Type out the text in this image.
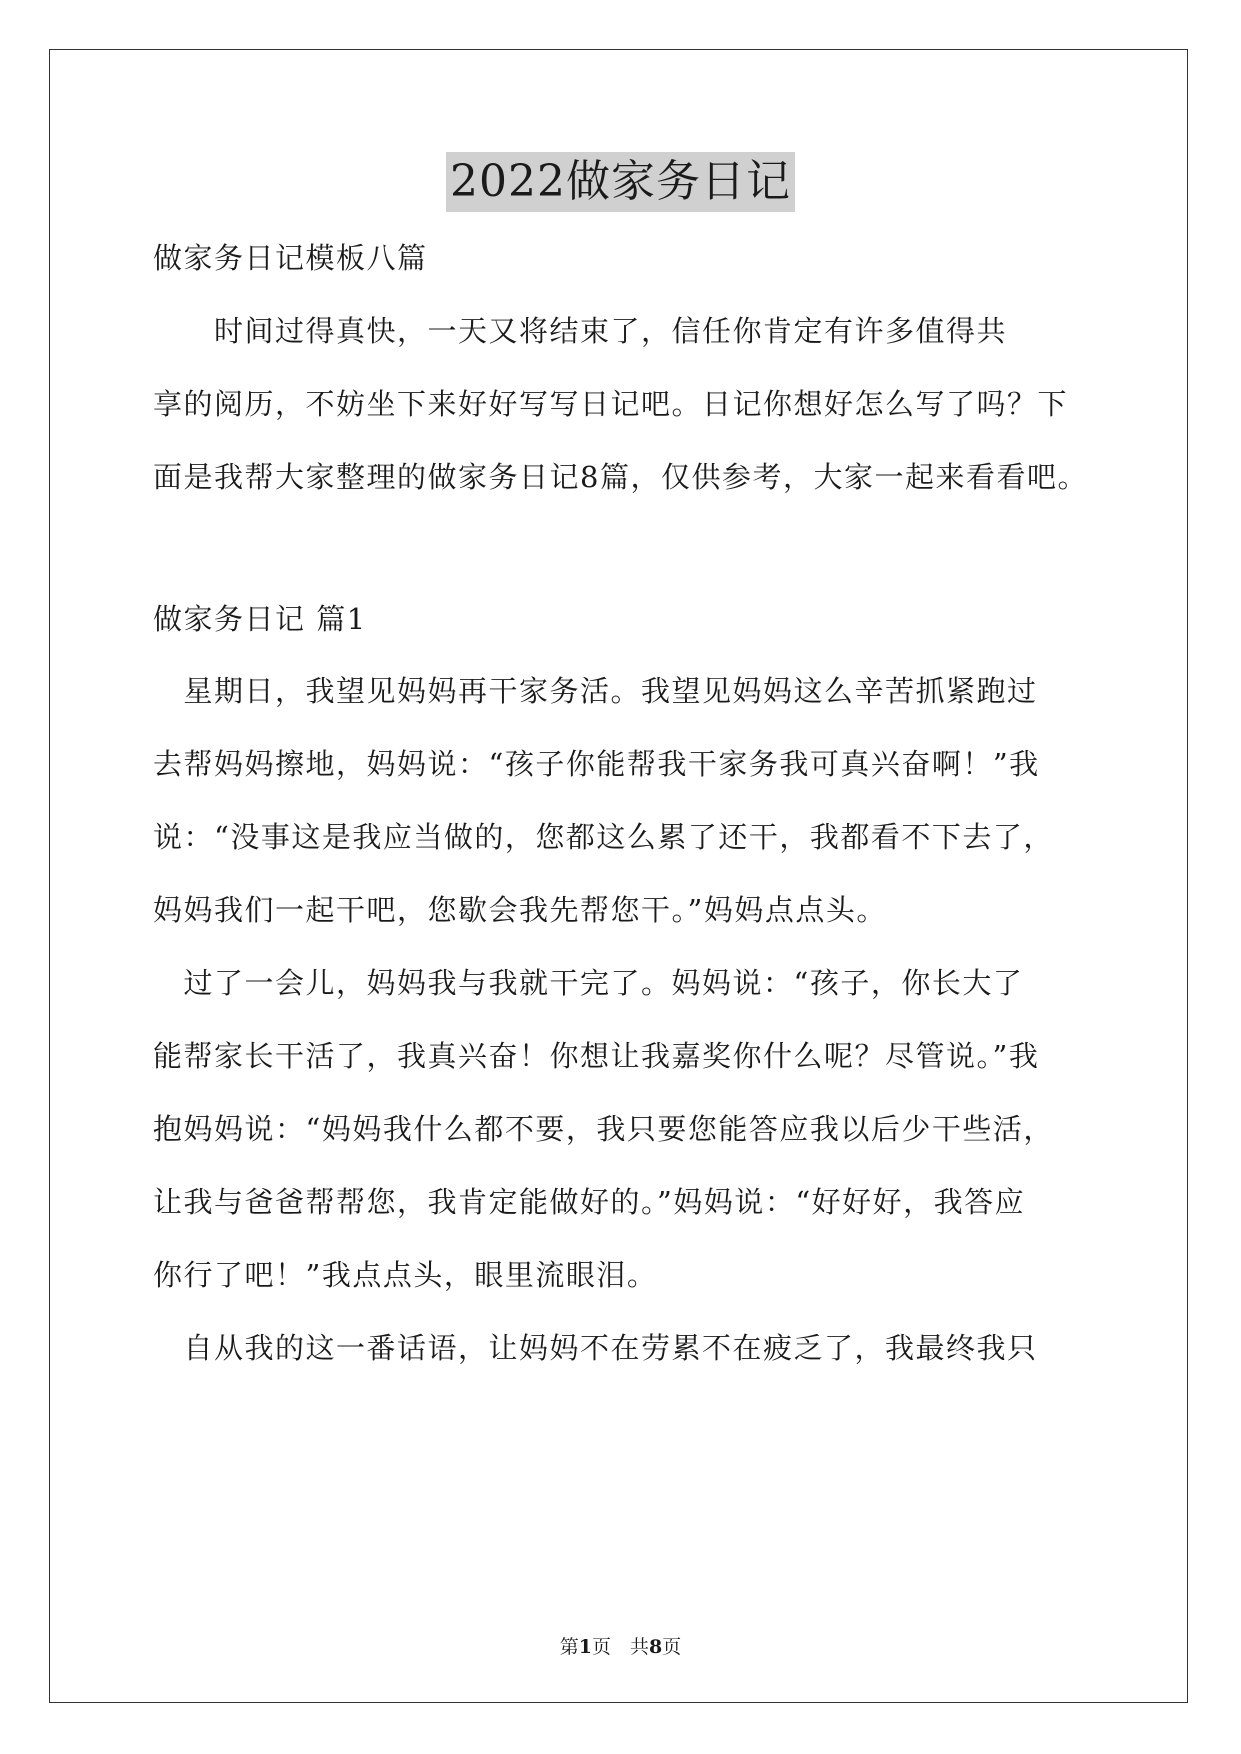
2022做家务日记
做家务日记模板八篇
　　时间过得真快，一天又将结束了，信任你肯定有许多值得共
享的阅历，不妨坐下来好好写写日记吧。日记你想好怎么写了吗？下
面是我帮大家整理的做家务日记8篇，仅供参考，大家一起来看看吧。
做家务日记 篇1
　星期日，我望见妈妈再干家务活。我望见妈妈这么辛苦抓紧跑过
去帮妈妈擦地，妈妈说：“孩子你能帮我干家务我可真兴奋啊！”我
说：“没事这是我应当做的，您都这么累了还干，我都看不下去了，
妈妈我们一起干吧，您歇会我先帮您干。”妈妈点点头。
　过了一会儿，妈妈我与我就干完了。妈妈说：“孩子，你长大了
能帮家长干活了，我真兴奋！你想让我嘉奖你什么呢？尽管说。”我
抱妈妈说：“妈妈我什么都不要，我只要您能答应我以后少干些活，
让我与爸爸帮帮您，我肯定能做好的。”妈妈说：“好好好，我答应
你行了吧！”我点点头，眼里流眼泪。
　自从我的这一番话语，让妈妈不在劳累不在疲乏了，我最终我只
第1页　共8页
